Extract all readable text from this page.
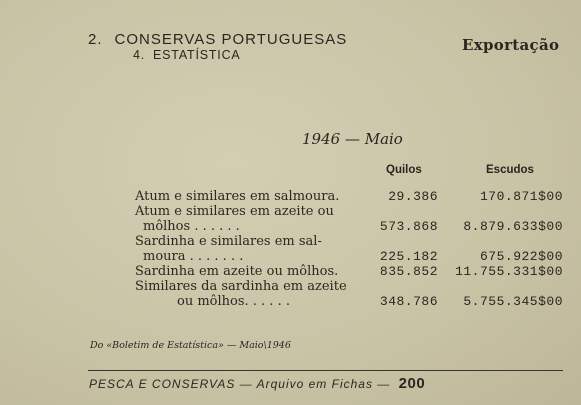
2. CONSERVAS PORTUGUESAS
4. ESTATÍSTICA
Exportação
1946 — Maio
Quilos	Escudos
Atum e similares em salmoura.	29.386	170.871$00
Atum e similares em azeite ou
môlhos . . . . . .	573.868	8.879.633$00
Sardinha e similares em sal-
moura . . . . . . .	225.182	675.922$00
Sardinha em azeite ou môlhos.	835.852	11.755.331$00
Similares da sardinha em azeite
ou môlhos. . . . . .	348.786	5.755.345$00
Do «Boletim de Estatística» — Maio\1946
PESCA E CONSERVAS — Arquivo em Fichas — 200
